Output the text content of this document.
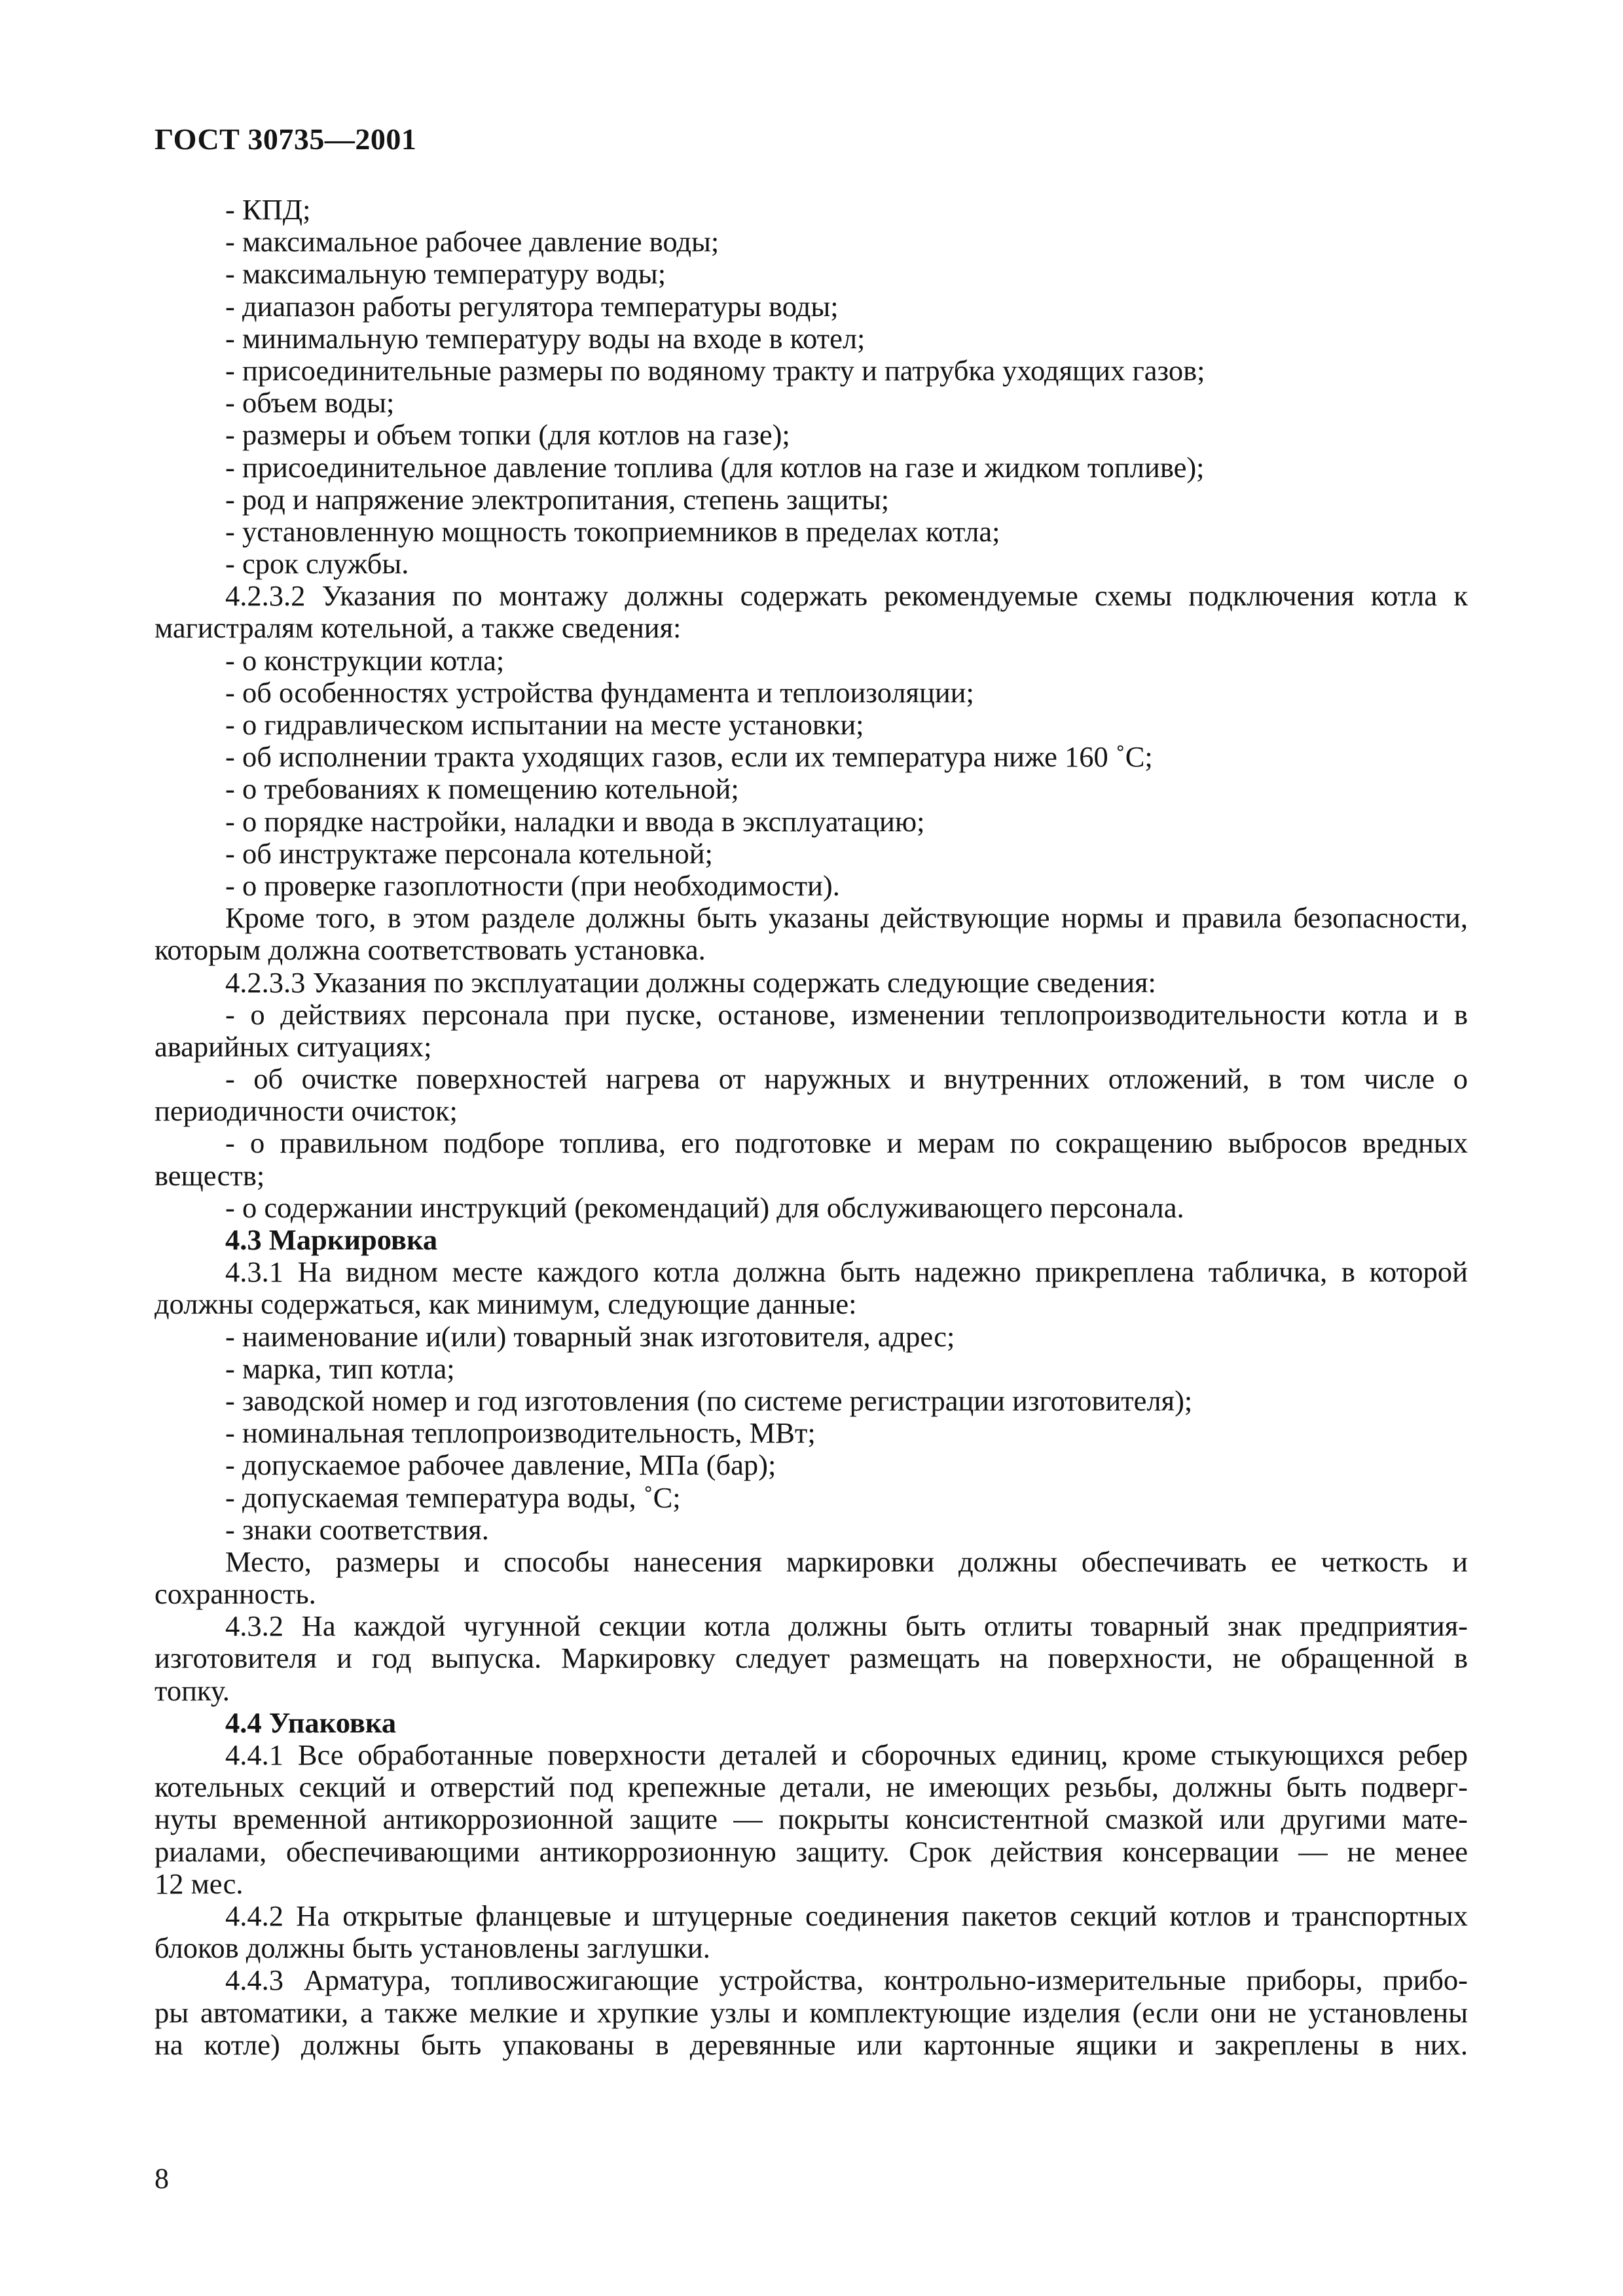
ГОСТ 30735—2001
- КПД;
- максимальное рабочее давление воды;
- максимальную температуру воды;
- диапазон работы регулятора температуры воды;
- минимальную температуру воды на входе в котел;
- присоединительные размеры по водяному тракту и патрубка уходящих газов;
- объем воды;
- размеры и объем топки (для котлов на газе);
- присоединительное давление топлива (для котлов на газе и жидком топливе);
- род и напряжение электропитания, степень защиты;
- установленную мощность токоприемников в пределах котла;
- срок службы.
4.2.3.2 Указания по монтажу должны содержать рекомендуемые схемы подключения котла к
магистралям котельной, а также сведения:
- о конструкции котла;
- об особенностях устройства фундамента и теплоизоляции;
- о гидравлическом испытании на месте установки;
- об исполнении тракта уходящих газов, если их температура ниже 160 ˚С;
- о требованиях к помещению котельной;
- о порядке настройки, наладки и ввода в эксплуатацию;
- об инструктаже персонала котельной;
- о проверке газоплотности (при необходимости).
Кроме того, в этом разделе должны быть указаны действующие нормы и правила безопасности,
которым должна соответствовать установка.
4.2.3.3 Указания по эксплуатации должны содержать следующие сведения:
- о действиях персонала при пуске, останове, изменении теплопроизводительности котла и в
аварийных ситуациях;
- об очистке поверхностей нагрева от наружных и внутренних отложений, в том числе о
периодичности очисток;
- о правильном подборе топлива, его подготовке и мерам по сокращению выбросов вредных
веществ;
- о содержании инструкций (рекомендаций) для обслуживающего персонала.
4.3 Маркировка
4.3.1 На видном месте каждого котла должна быть надежно прикреплена табличка, в которой
должны содержаться, как минимум, следующие данные:
- наименование и(или) товарный знак изготовителя, адрес;
- марка, тип котла;
- заводской номер и год изготовления (по системе регистрации изготовителя);
- номинальная теплопроизводительность, МВт;
- допускаемое рабочее давление, МПа (бар);
- допускаемая температура воды, ˚С;
- знаки соответствия.
Место, размеры и способы нанесения маркировки должны обеспечивать ее четкость и
сохранность.
4.3.2 На каждой чугунной секции котла должны быть отлиты товарный знак предприятия-
изготовителя и год выпуска. Маркировку следует размещать на поверхности, не обращенной в
топку.
4.4 Упаковка
4.4.1 Все обработанные поверхности деталей и сборочных единиц, кроме стыкующихся ребер
котельных секций и отверстий под крепежные детали, не имеющих резьбы, должны быть подверг-
нуты временной антикоррозионной защите — покрыты консистентной смазкой или другими мате-
риалами, обеспечивающими антикоррозионную защиту. Срок действия консервации — не менее
12 мес.
4.4.2 На открытые фланцевые и штуцерные соединения пакетов секций котлов и транспортных
блоков должны быть установлены заглушки.
4.4.3 Арматура, топливосжигающие устройства, контрольно-измерительные приборы, прибо-
ры автоматики, а также мелкие и хрупкие узлы и комплектующие изделия (если они не установлены
на котле) должны быть упакованы в деревянные или картонные ящики и закреплены в них.
8
